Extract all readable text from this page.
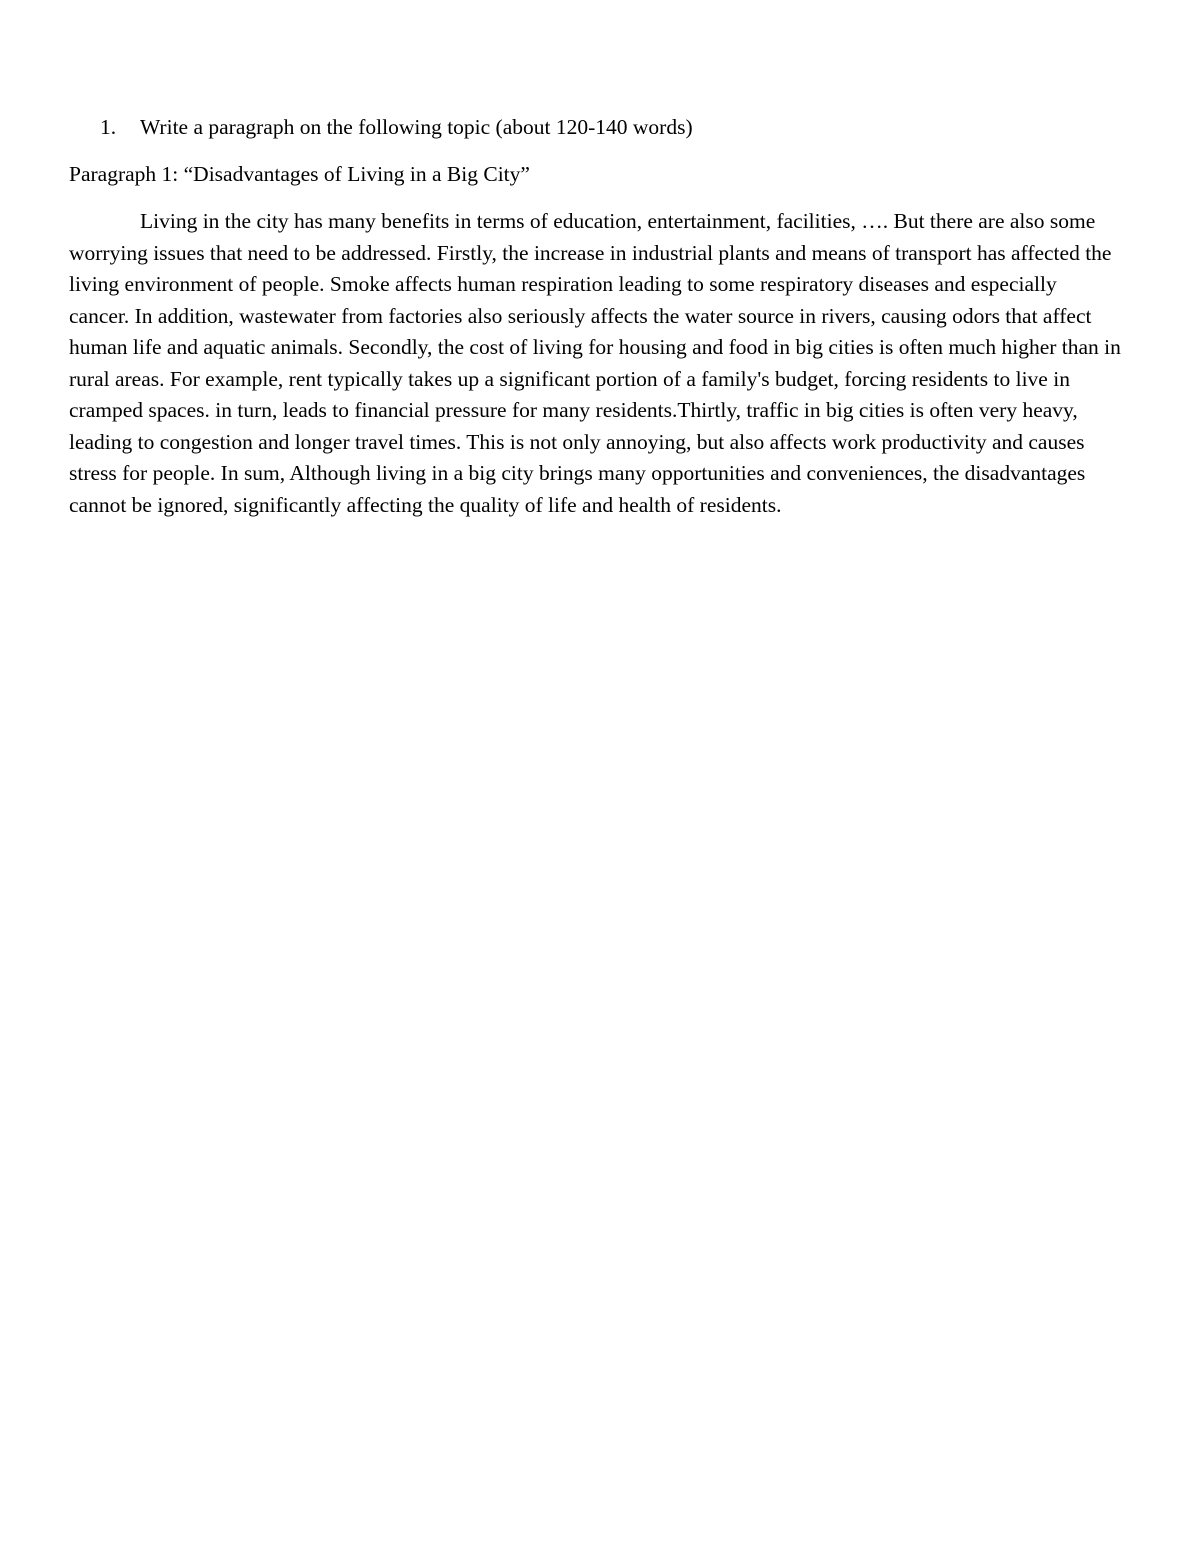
1. Write a paragraph on the following topic (about 120-140 words)
Paragraph 1: “Disadvantages of Living in a Big City”

Living in the city has many benefits in terms of education, entertainment, facilities, …. But there are also some worrying issues that need to be addressed. Firstly, the increase in industrial plants and means of transport has affected the living environment of people. Smoke affects human respiration leading to some respiratory diseases and especially cancer. In addition, wastewater from factories also seriously affects the water source in rivers, causing odors that affect human life and aquatic animals. Secondly, the cost of living for housing and food in big cities is often much higher than in rural areas. For example, rent typically takes up a significant portion of a family's budget, forcing residents to live in cramped spaces. in turn, leads to financial pressure for many residents.Thirtly, traffic in big cities is often very heavy, leading to congestion and longer travel times. This is not only annoying, but also affects work productivity and causes stress for people. In sum, Although living in a big city brings many opportunities and conveniences, the disadvantages cannot be ignored, significantly affecting the quality of life and health of residents.
